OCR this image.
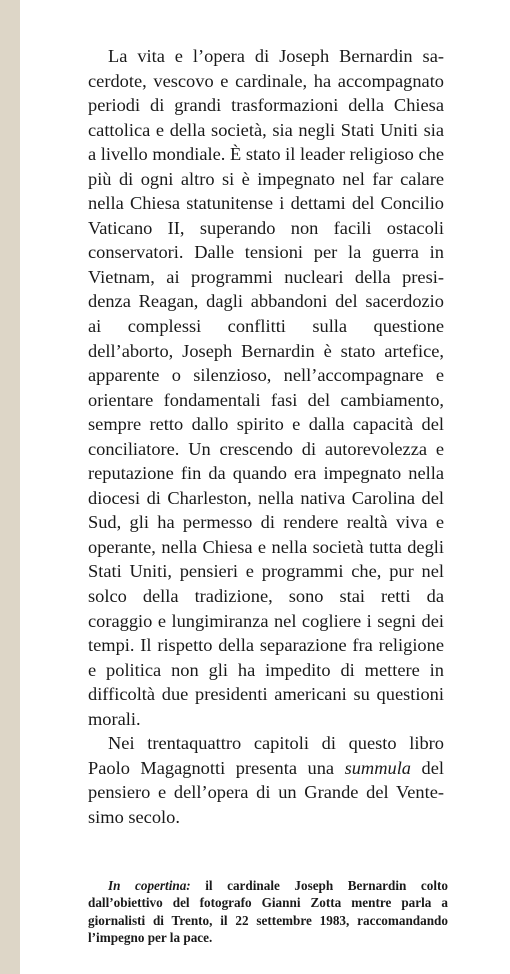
La vita e l’opera di Joseph Bernardin sacerdote, vescovo e cardinale, ha accompagnato periodi di grandi trasformazioni della Chiesa cattolica e della società, sia negli Stati Uniti sia a livello mondiale. È stato il leader religioso che più di ogni altro si è impegnato nel far calare nella Chiesa statunitense i dettami del Concilio Vaticano II, superando non facili ostacoli conservatori. Dalle tensioni per la guerra in Vietnam, ai programmi nucleari della presidenza Reagan, dagli abbandoni del sacerdozio ai complessi conflitti sulla questione dell’aborto, Joseph Bernardin è stato artefice, apparente o silenzioso, nell’accompagnare e orientare fondamentali fasi del cambiamento, sempre retto dallo spirito e dalla capacità del conciliatore. Un crescendo di autorevolezza e reputazione fin da quando era impegnato nella diocesi di Charleston, nella nativa Carolina del Sud, gli ha permesso di rendere realtà viva e operante, nella Chiesa e nella società tutta degli Stati Uniti, pensieri e programmi che, pur nel solco della tradizione, sono stai retti da coraggio e lungimiranza nel cogliere i segni dei tempi. Il rispetto della separazione fra religione e politica non gli ha impedito di mettere in difficoltà due presidenti americani su questioni morali.

Nei trentaquattro capitoli di questo libro Paolo Magagnotti presenta una summula del pensiero e dell’opera di un Grande del Ventesimo secolo.

In copertina: il cardinale Joseph Bernardin colto dall’obiettivo del fotografo Gianni Zotta mentre parla a giornalisti di Trento, il 22 settembre 1983, raccomandando l’impegno per la pace.
